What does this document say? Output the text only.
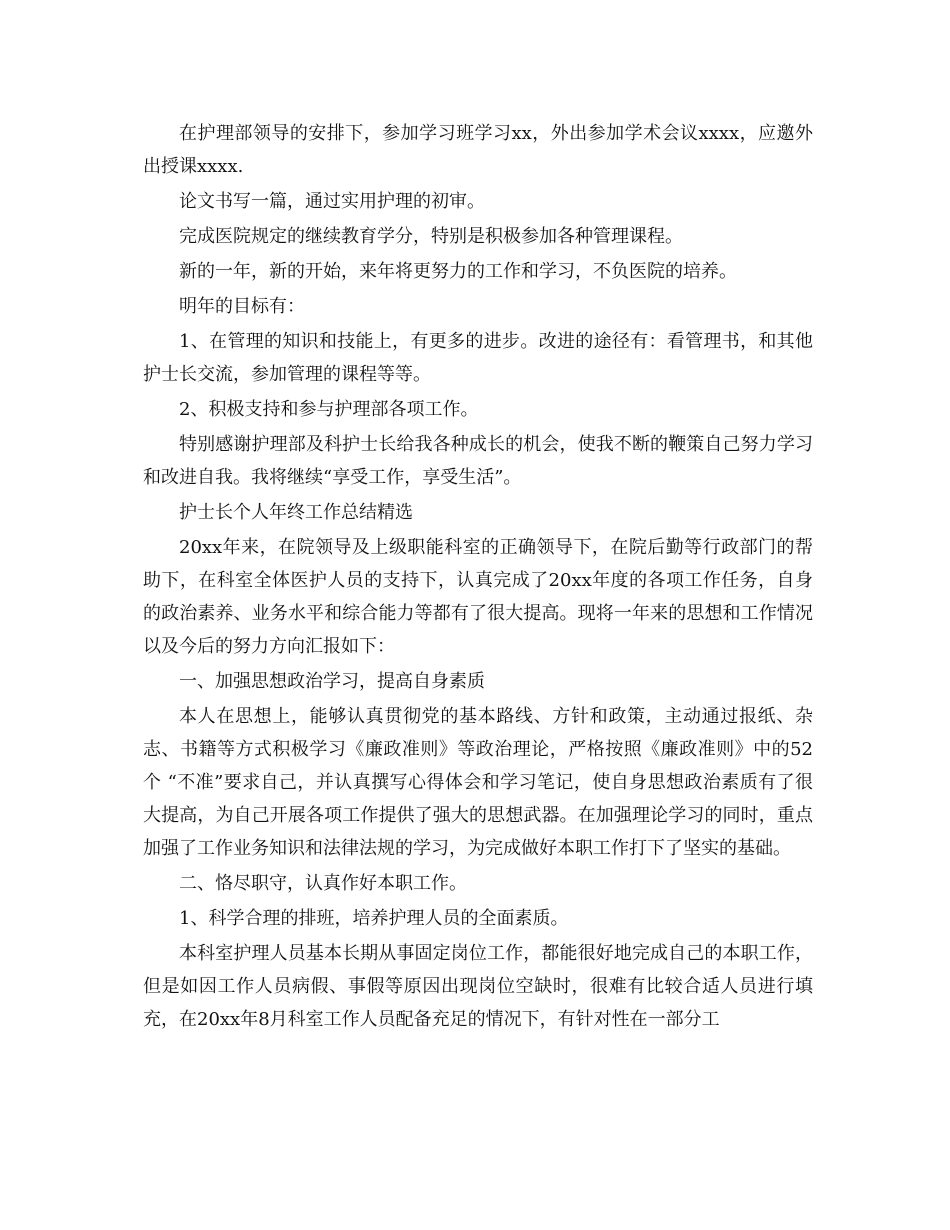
在护理部领导的安排下，参加学习班学习xx，外出参加学术会议xxxx，应邀外出授课xxxx.

论文书写一篇，通过实用护理的初审。

完成医院规定的继续教育学分，特别是积极参加各种管理课程。

新的一年，新的开始，来年将更努力的工作和学习，不负医院的培养。

明年的目标有：

1、在管理的知识和技能上，有更多的进步。改进的途径有：看管理书，和其他护士长交流，参加管理的课程等等。

2、积极支持和参与护理部各项工作。

特别感谢护理部及科护士长给我各种成长的机会，使我不断的鞭策自己努力学习和改进自我。我将继续“享受工作，享受生活”。

护士长个人年终工作总结精选

20xx年来，在院领导及上级职能科室的正确领导下，在院后勤等行政部门的帮助下，在科室全体医护人员的支持下，认真完成了20xx年度的各项工作任务，自身的政治素养、业务水平和综合能力等都有了很大提高。现将一年来的思想和工作情况以及今后的努力方向汇报如下：

一、加强思想政治学习，提高自身素质

本人在思想上，能够认真贯彻党的基本路线、方针和政策，主动通过报纸、杂志、书籍等方式积极学习《廉政准则》等政治理论，严格按照《廉政准则》中的52个 “不准”要求自己，并认真撰写心得体会和学习笔记，使自身思想政治素质有了很大提高，为自己开展各项工作提供了强大的思想武器。在加强理论学习的同时，重点加强了工作业务知识和法律法规的学习，为完成做好本职工作打下了坚实的基础。

二、恪尽职守，认真作好本职工作。

1、科学合理的排班，培养护理人员的全面素质。

本科室护理人员基本长期从事固定岗位工作，都能很好地完成自己的本职工作，但是如因工作人员病假、事假等原因出现岗位空缺时，很难有比较合适人员进行填充，在20xx年8月科室工作人员配备充足的情况下，有针对性在一部分工
